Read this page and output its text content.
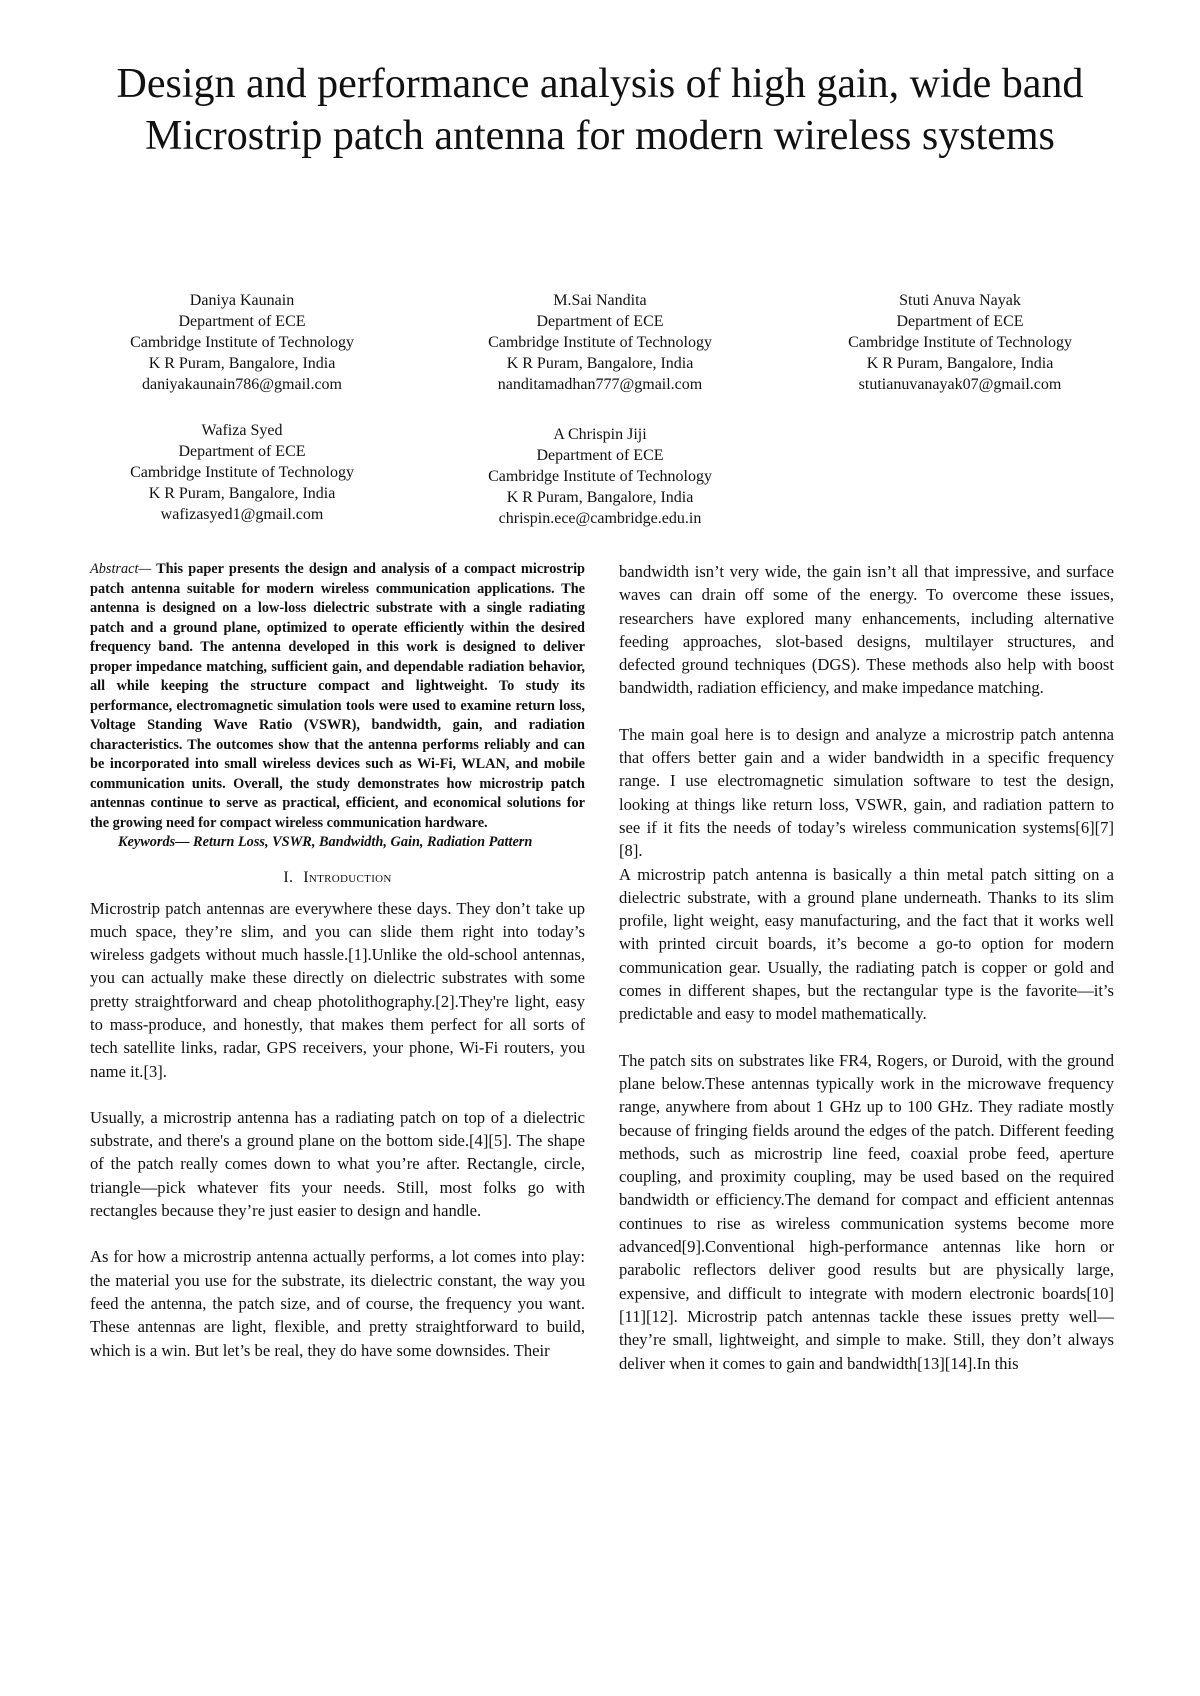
Design and performance analysis of high gain, wide band Microstrip patch antenna for modern wireless systems
Daniya Kaunain
Department of ECE
Cambridge Institute of Technology
K R Puram, Bangalore, India
daniyakaunain786@gmail.com
M.Sai Nandita
Department of ECE
Cambridge Institute of Technology
K R Puram, Bangalore, India
nanditamadhan777@gmail.com
Stuti Anuva Nayak
Department of ECE
Cambridge Institute of Technology
K R Puram, Bangalore, India
stutianuvanayak07@gmail.com
Wafiza Syed
Department of ECE
Cambridge Institute of Technology
K R Puram, Bangalore, India
wafizasyed1@gmail.com
A Chrispin Jiji
Department of ECE
Cambridge Institute of Technology
K R Puram, Bangalore, India
chrispin.ece@cambridge.edu.in

Abstract— This paper presents the design and analysis of a compact microstrip patch antenna suitable for modern wireless communication applications. The antenna is designed on a low-loss dielectric substrate with a single radiating patch and a ground plane, optimized to operate efficiently within the desired frequency band. The antenna developed in this work is designed to deliver proper impedance matching, sufficient gain, and dependable radiation behavior, all while keeping the structure compact and lightweight. To study its performance, electromagnetic simulation tools were used to examine return loss, Voltage Standing Wave Ratio (VSWR), bandwidth, gain, and radiation characteristics. The outcomes show that the antenna performs reliably and can be incorporated into small wireless devices such as Wi-Fi, WLAN, and mobile communication units. Overall, the study demonstrates how microstrip patch antennas continue to serve as practical, efficient, and economical solutions for the growing need for compact wireless communication hardware.

Keywords— Return Loss, VSWR, Bandwidth, Gain, Radiation Pattern

I. Introduction

Microstrip patch antennas are everywhere these days. They don’t take up much space, they’re slim, and you can slide them right into today’s wireless gadgets without much hassle.[1].Unlike the old-school antennas, you can actually make these directly on dielectric substrates with some pretty straightforward and cheap photolithography.[2].They're light, easy to mass-produce, and honestly, that makes them perfect for all sorts of tech satellite links, radar, GPS receivers, your phone, Wi-Fi routers, you name it.[3].

Usually, a microstrip antenna has a radiating patch on top of a dielectric substrate, and there's a ground plane on the bottom side.[4][5]. The shape of the patch really comes down to what you’re after. Rectangle, circle, triangle—pick whatever fits your needs. Still, most folks go with rectangles because they’re just easier to design and handle.

As for how a microstrip antenna actually performs, a lot comes into play: the material you use for the substrate, its dielectric constant, the way you feed the antenna, the patch size, and of course, the frequency you want. These antennas are light, flexible, and pretty straightforward to build, which is a win. But let’s be real, they do have some downsides. Their

bandwidth isn’t very wide, the gain isn’t all that impressive, and surface waves can drain off some of the energy. To overcome these issues, researchers have explored many enhancements, including alternative feeding approaches, slot-based designs, multilayer structures, and defected ground techniques (DGS). These methods also help with boost bandwidth, radiation efficiency, and make impedance matching.

The main goal here is to design and analyze a microstrip patch antenna that offers better gain and a wider bandwidth in a specific frequency range. I use electromagnetic simulation software to test the design, looking at things like return loss, VSWR, gain, and radiation pattern to see if it fits the needs of today’s wireless communication systems[6][7][8].

A microstrip patch antenna is basically a thin metal patch sitting on a dielectric substrate, with a ground plane underneath. Thanks to its slim profile, light weight, easy manufacturing, and the fact that it works well with printed circuit boards, it’s become a go-to option for modern communication gear. Usually, the radiating patch is copper or gold and comes in different shapes, but the rectangular type is the favorite—it’s predictable and easy to model mathematically.

The patch sits on substrates like FR4, Rogers, or Duroid, with the ground plane below.These antennas typically work in the microwave frequency range, anywhere from about 1 GHz up to 100 GHz. They radiate mostly because of fringing fields around the edges of the patch. Different feeding methods, such as microstrip line feed, coaxial probe feed, aperture coupling, and proximity coupling, may be used based on the required bandwidth or efficiency.The demand for compact and efficient antennas continues to rise as wireless communication systems become more advanced[9].Conventional high-performance antennas like horn or parabolic reflectors deliver good results but are physically large, expensive, and difficult to integrate with modern electronic boards[10][11][12]. Microstrip patch antennas tackle these issues pretty well—they’re small, lightweight, and simple to make. Still, they don’t always deliver when it comes to gain and bandwidth[13][14].In this
